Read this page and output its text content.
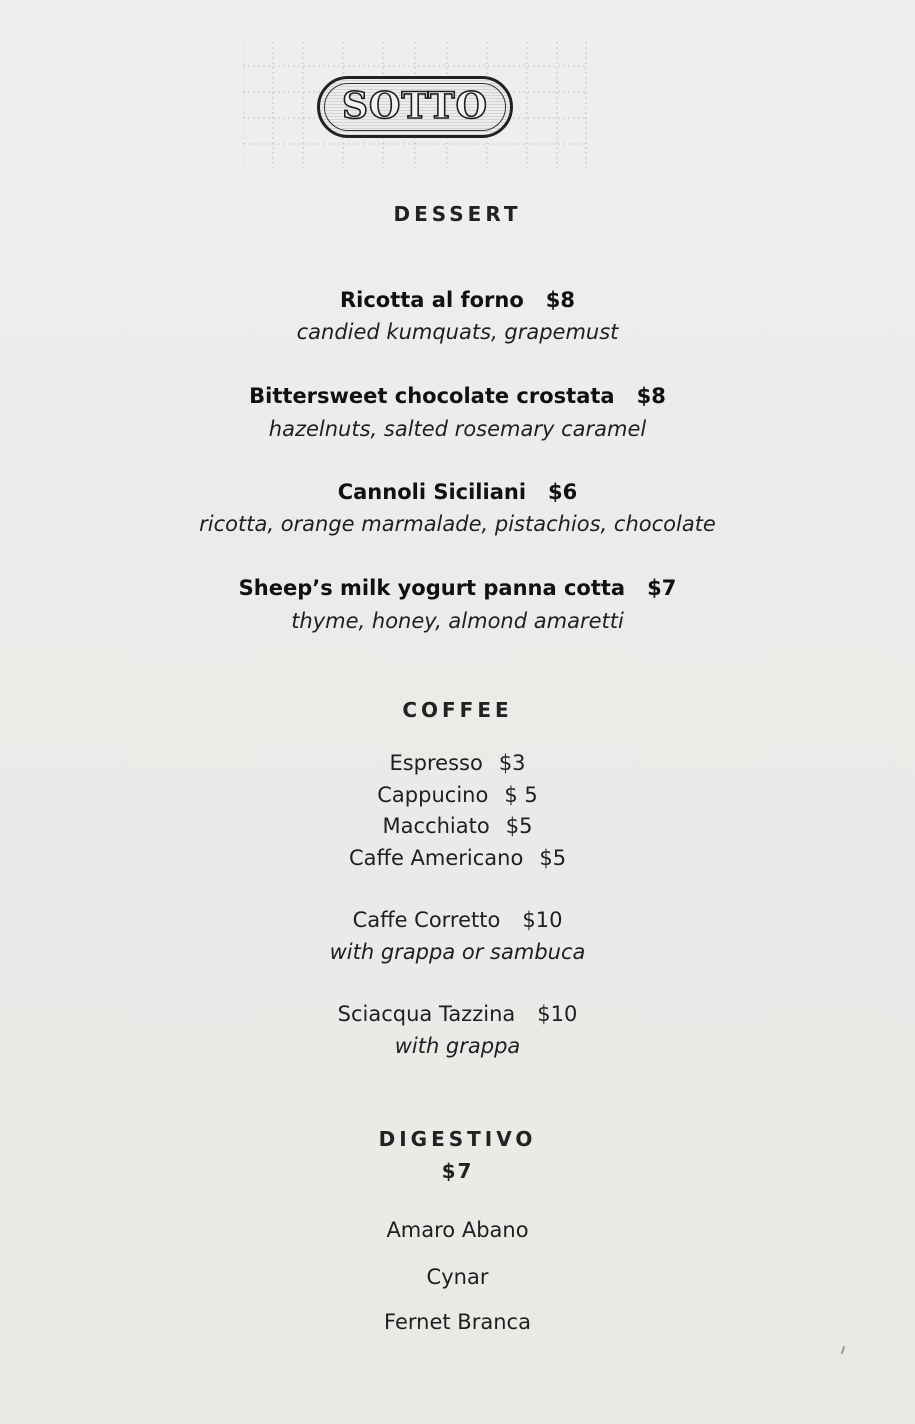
SOTTO
DESSERT
Ricotta al forno $8
candied kumquats, grapemust
Bittersweet chocolate crostata $8
hazelnuts, salted rosemary caramel
Cannoli Siciliani $6
ricotta, orange marmalade, pistachios, chocolate
Sheep’s milk yogurt panna cotta $7
thyme, honey, almond amaretti
COFFEE
Espresso $3
Cappucino $ 5
Macchiato $5
Caffe Americano $5
Caffe Corretto $10
with grappa or sambuca
Sciacqua Tazzina $10
with grappa
DIGESTIVO
$7
Amaro Abano
Cynar
Fernet Branca
